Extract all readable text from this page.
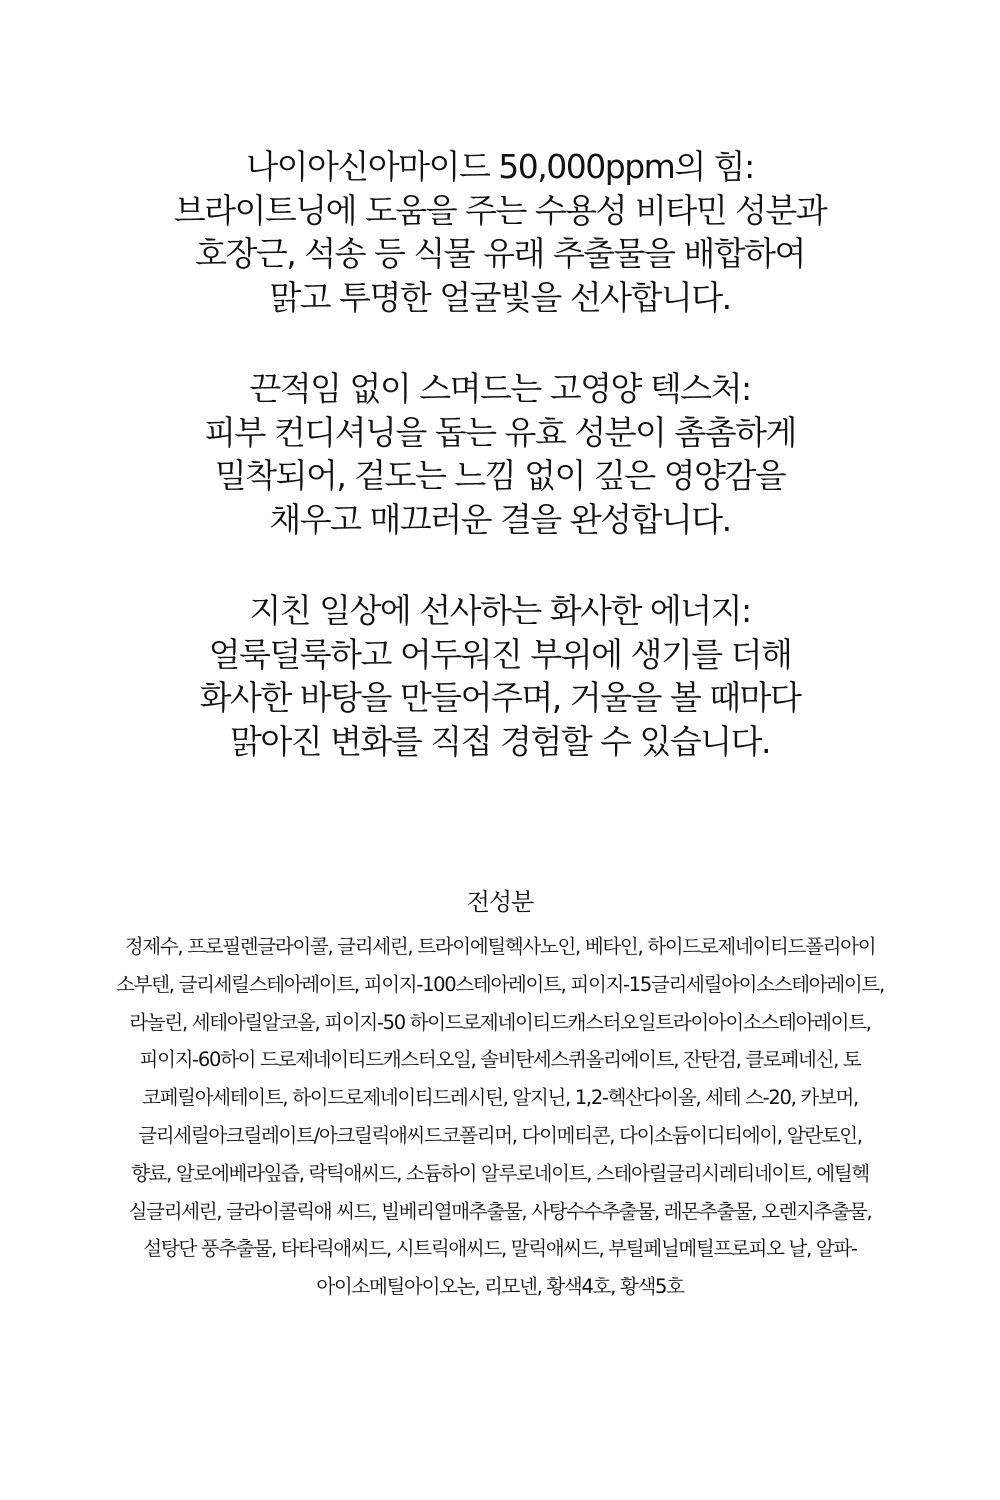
나이아신아마이드 50,000ppm의 힘:
브라이트닝에 도움을 주는 수용성 비타민 성분과
호장근, 석송 등 식물 유래 추출물을 배합하여
맑고 투명한 얼굴빛을 선사합니다.
끈적임 없이 스며드는 고영양 텍스처:
피부 컨디셔닝을 돕는 유효 성분이 촘촘하게
밀착되어, 겉도는 느낌 없이 깊은 영양감을
채우고 매끄러운 결을 완성합니다.
지친 일상에 선사하는 화사한 에너지:
얼룩덜룩하고 어두워진 부위에 생기를 더해
화사한 바탕을 만들어주며, 거울을 볼 때마다
맑아진 변화를 직접 경험할 수 있습니다.
전성분
정제수, 프로필렌글라이콜, 글리세린, 트라이에틸헥사노인, 베타인, 하이드로제네이티드폴리아이
소부텐, 글리세릴스테아레이트, 피이지-100스테아레이트, 피이지-15글리세릴아이소스테아레이트,
라놀린, 세테아릴알코올, 피이지-50 하이드로제네이티드캐스터오일트라이아이소스테아레이트,
피이지-60하이 드로제네이티드캐스터오일, 솔비탄세스퀴올리에이트, 잔탄검, 클로페네신, 토
코페릴아세테이트, 하이드로제네이티드레시틴, 알지닌, 1,2-헥산다이올, 세테 스-20, 카보머,
글리세릴아크릴레이트/아크릴릭애씨드코폴리머, 다이메티콘, 다이소듐이디티에이, 알란토인,
향료, 알로에베라잎즙, 락틱애씨드, 소듐하이 알루로네이트, 스테아릴글리시레티네이트, 에틸헥
실글리세린, 글라이콜릭애 씨드, 빌베리열매추출물, 사탕수수추출물, 레몬추출물, 오렌지추출물,
설탕단 풍추출물, 타타릭애씨드, 시트릭애씨드, 말릭애씨드, 부틸페닐메틸프로피오 날, 알파-
아이소메틸아이오논, 리모넨, 황색4호, 황색5호
